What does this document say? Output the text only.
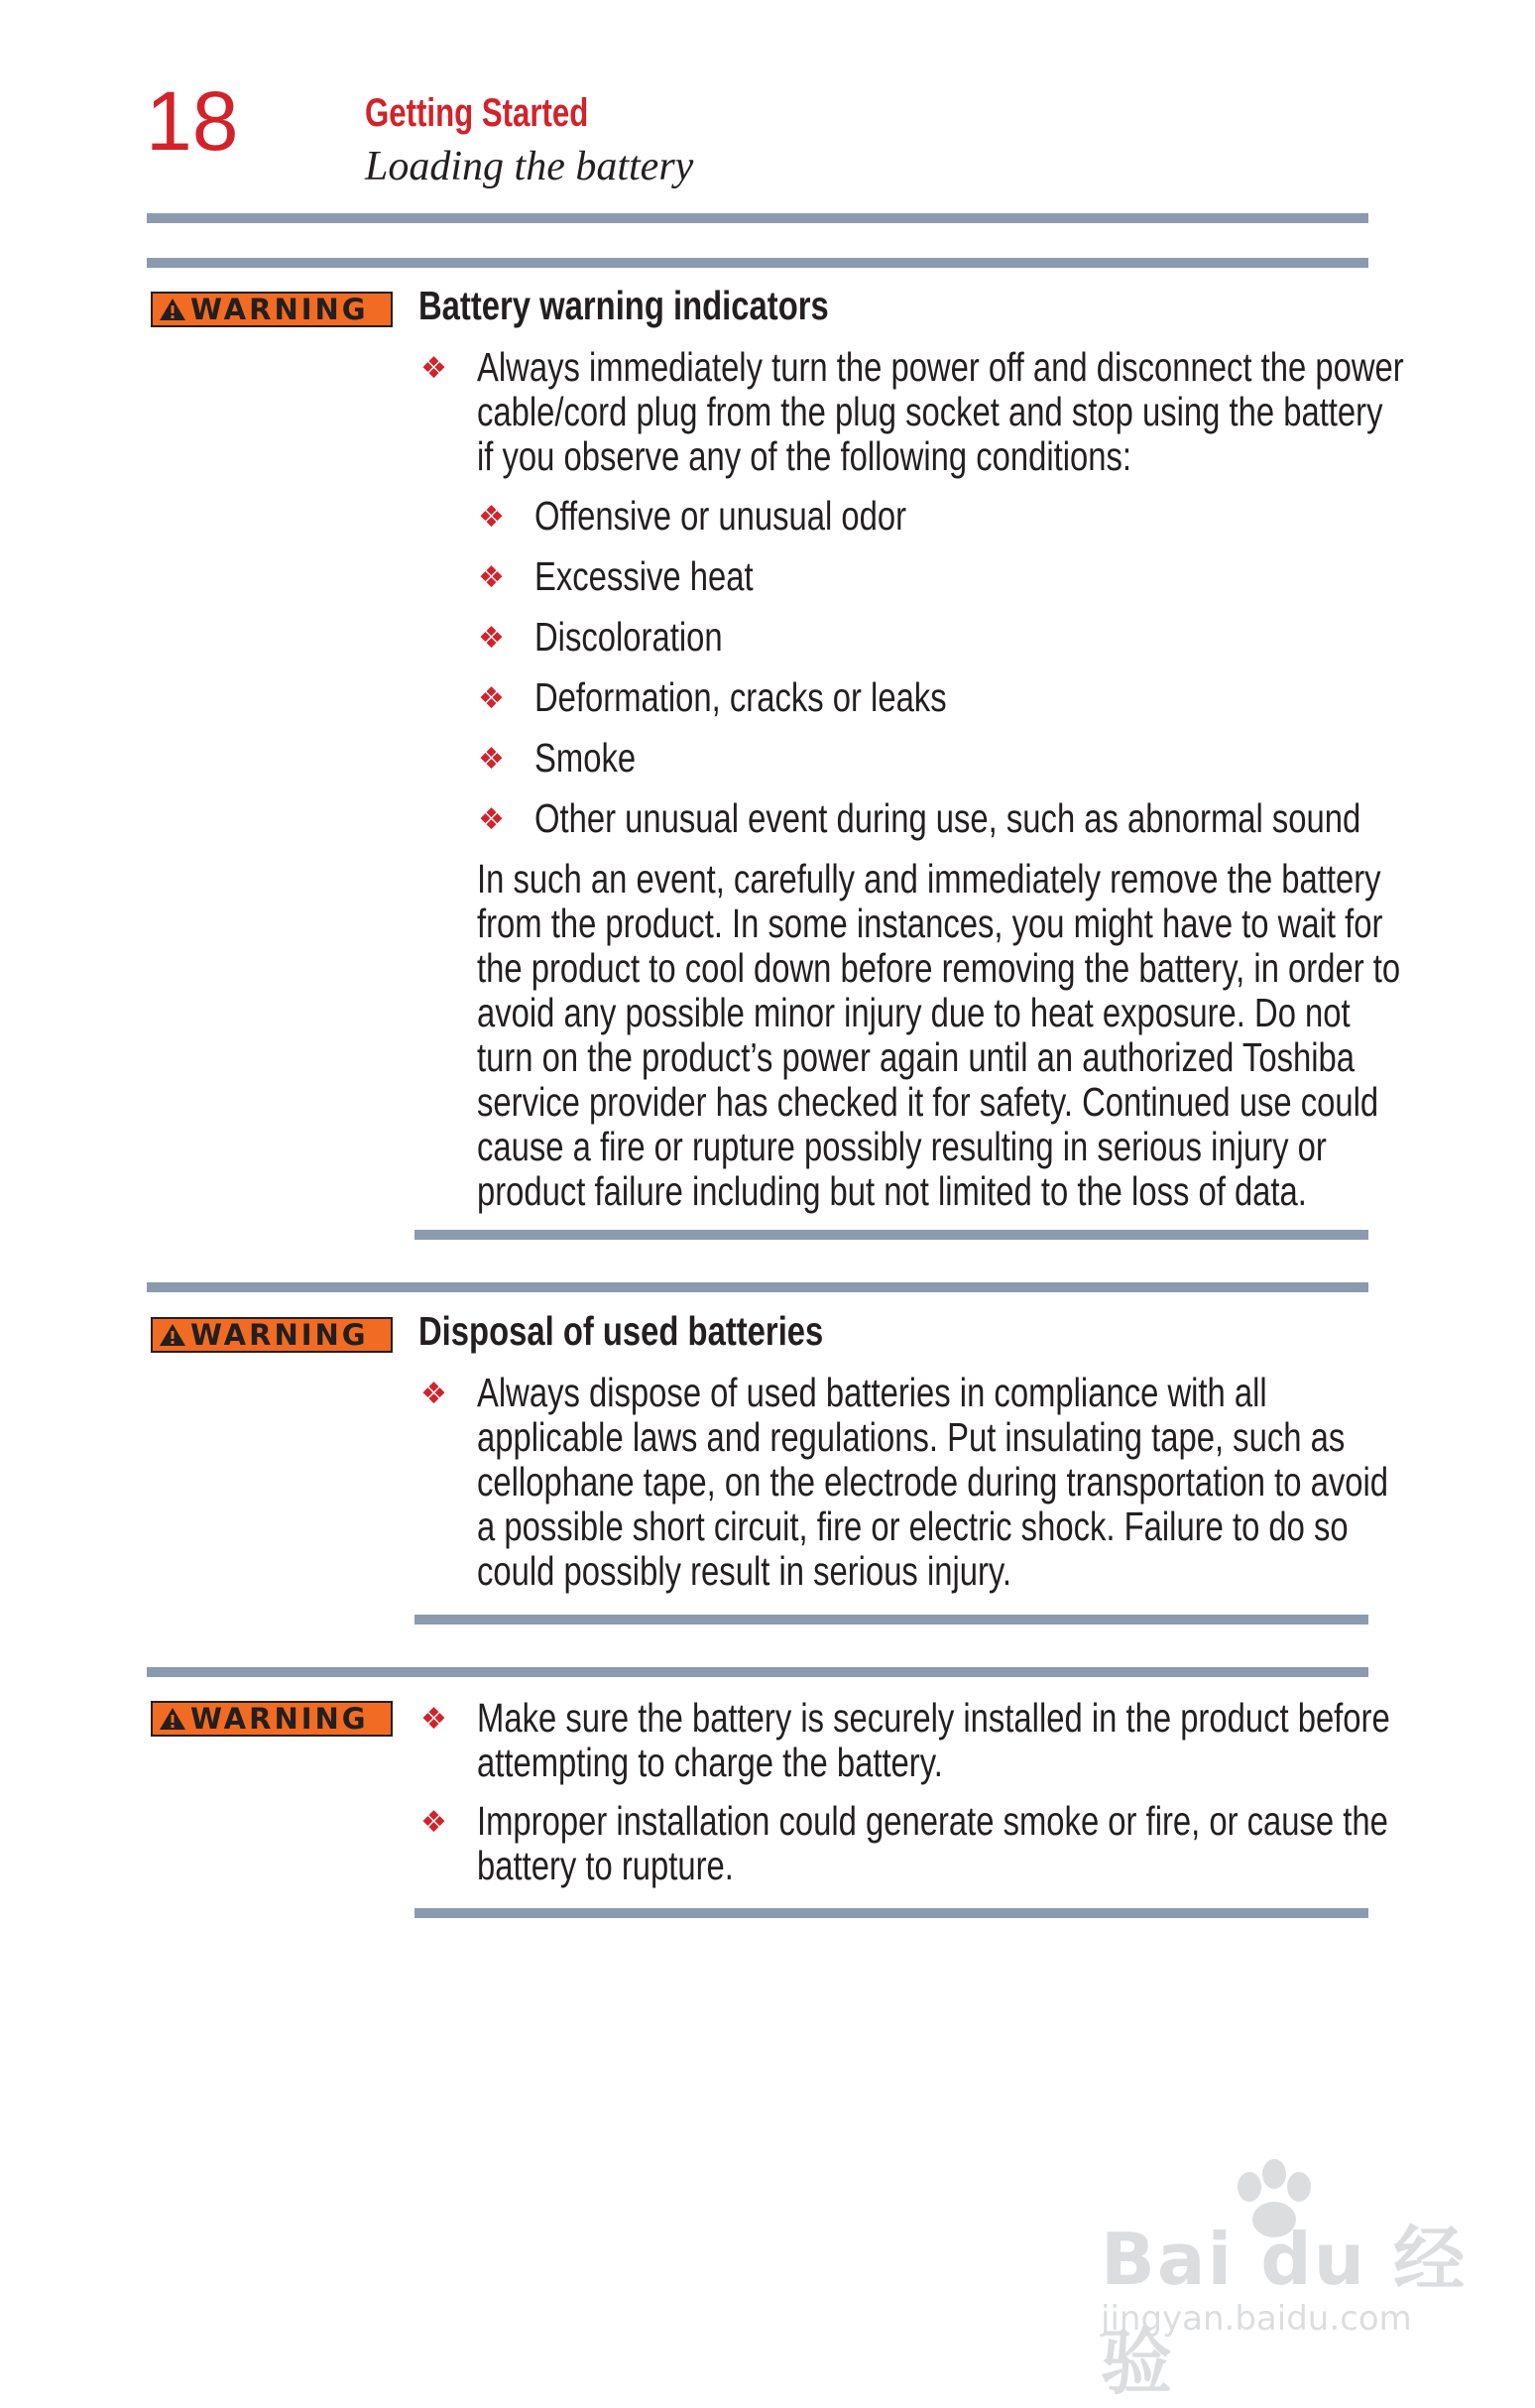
18	Getting Started
Loading the battery
WARNING Battery warning indicators
❖ Always immediately turn the power off and disconnect the power
cable/cord plug from the plug socket and stop using the battery
if you observe any of the following conditions:
❖ Offensive or unusual odor
❖ Excessive heat
❖ Discoloration
❖ Deformation, cracks or leaks
❖ Smoke
❖ Other unusual event during use, such as abnormal sound
In such an event, carefully and immediately remove the battery
from the product. In some instances, you might have to wait for
the product to cool down before removing the battery, in order to
avoid any possible minor injury due to heat exposure. Do not
turn on the product’s power again until an authorized Toshiba
service provider has checked it for safety. Continued use could
cause a fire or rupture possibly resulting in serious injury or
product failure including but not limited to the loss of data.
WARNING Disposal of used batteries
❖ Always dispose of used batteries in compliance with all
applicable laws and regulations. Put insulating tape, such as
cellophane tape, on the electrode during transportation to avoid
a possible short circuit, fire or electric shock. Failure to do so
could possibly result in serious injury.
WARNING ❖ Make sure the battery is securely installed in the product before
attempting to charge the battery.
❖ Improper installation could generate smoke or fire, or cause the
battery to rupture.
Bai du 经验
jingyan.baidu.com
